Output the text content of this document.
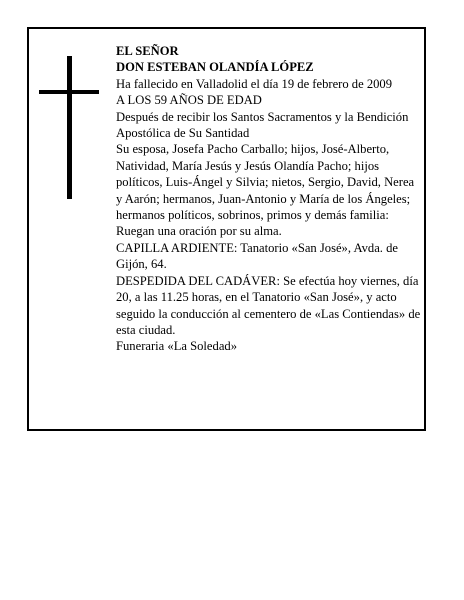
EL SEÑOR

DON ESTEBAN OLANDÍA LÓPEZ

Ha fallecido en Valladolid el día 19 de febrero de 2009

A LOS 59 AÑOS DE EDAD

Después de recibir los Santos Sacramentos y la Bendición Apostólica de Su Santidad

Su esposa, Josefa Pacho Carballo; hijos, José-Alberto, Natividad, María Jesús y Jesús Olandía Pacho; hijos políticos, Luis-Ángel y Silvia; nietos, Sergio, David, Nerea y Aarón; hermanos, Juan-Antonio y María de los Ángeles; hermanos políticos, sobrinos, primos y demás familia:

Ruegan una oración por su alma.

CAPILLA ARDIENTE: Tanatorio «San José», Avda. de Gijón, 64.

DESPEDIDA DEL CADÁVER: Se efectúa hoy viernes, día 20, a las 11.25 horas, en el Tanatorio «San José», y acto seguido la conducción al cementero de «Las Contiendas» de esta ciudad.

Funeraria «La Soledad»
